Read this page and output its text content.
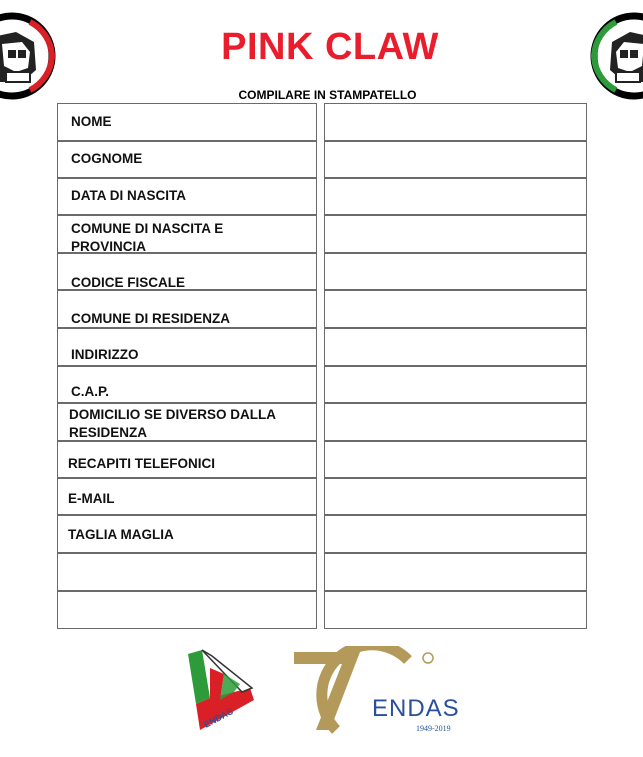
PINK CLAW
COMPILARE IN STAMPATELLO
NOME
COGNOME
DATA DI NASCITA
COMUNE DI NASCITA E
PROVINCIA
CODICE FISCALE
COMUNE DI RESIDENZA
INDIRIZZO
C.A.P.
DOMICILIO SE DIVERSO DALLA
RESIDENZA
RECAPITI TELEFONICI
E-MAIL
TAGLIA MAGLIA
ENDAS	ENDAS
1949-2019
